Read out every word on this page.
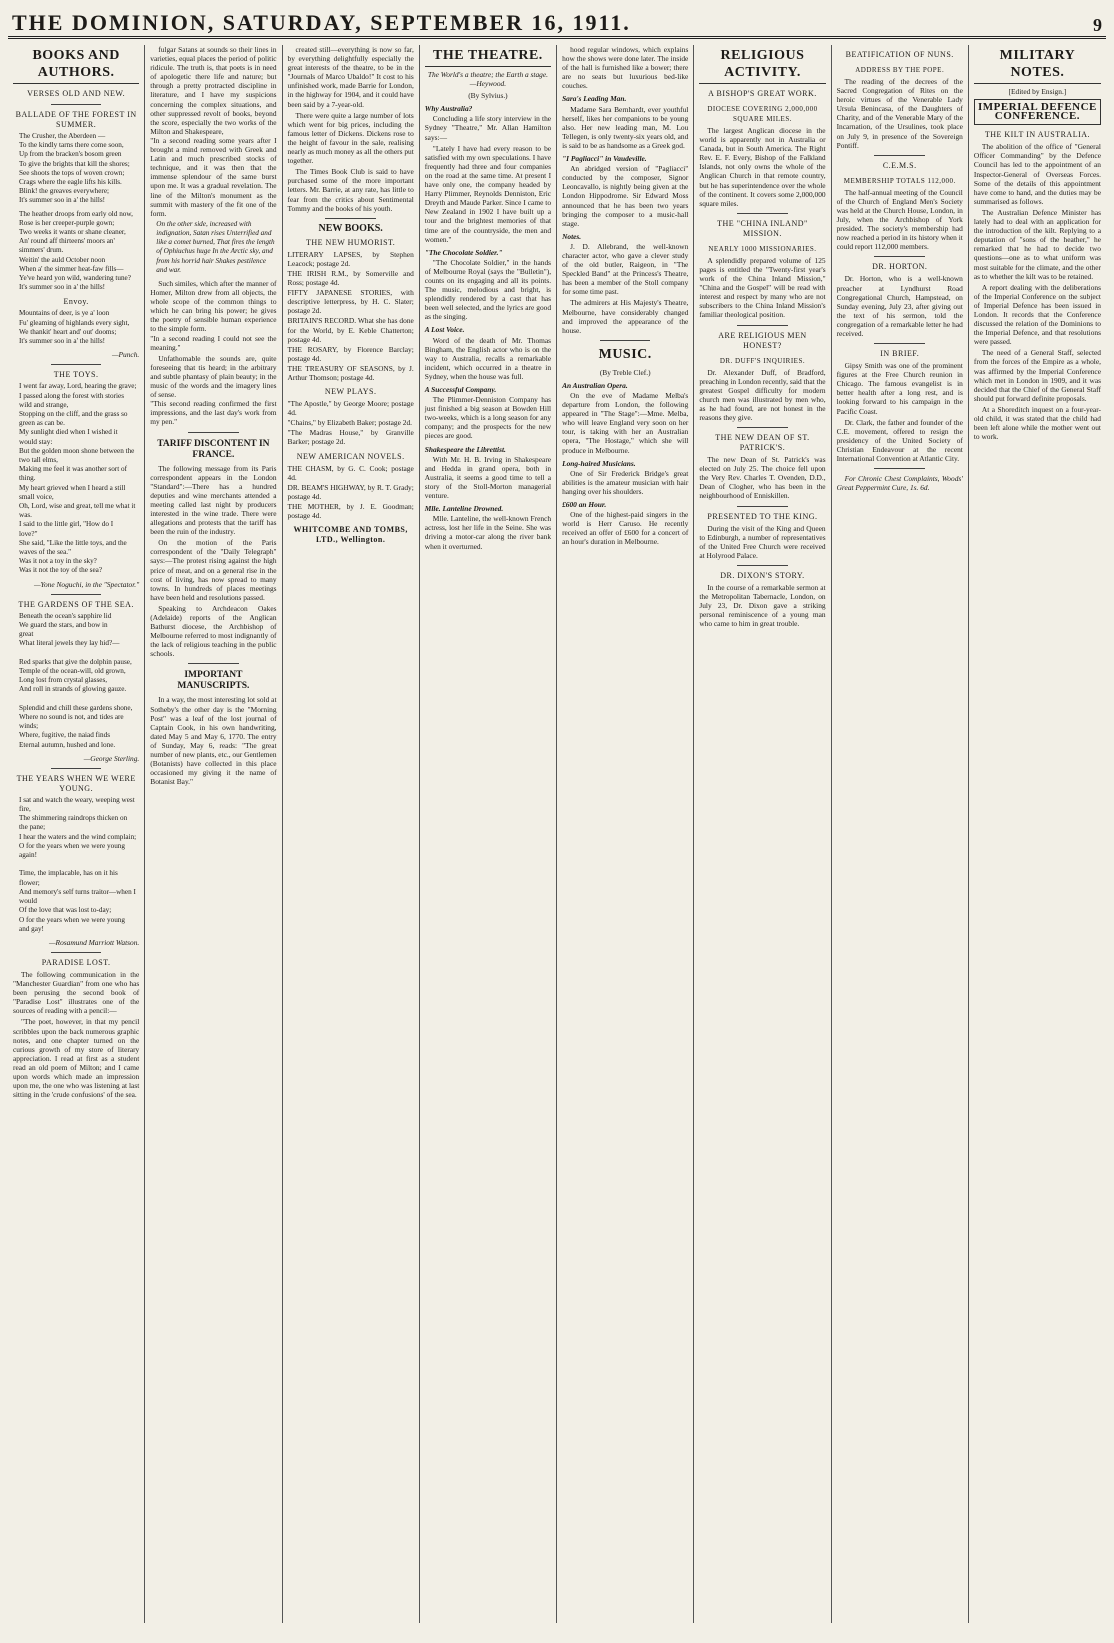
THE DOMINION, SATURDAY, SEPTEMBER 16, 1911.	9
BOOKS AND AUTHORS.
VERSES OLD AND NEW.
BALLADE OF THE FOREST IN SUMMER.
The Crusher, the Aberdeen —
To the kindly tarns there come soon,
Up from the bracken's bosom green
To give the brights that kill the shores;
See shoots the tops of woven crown;
Crags where the eagle lifts his kills.
Blink! the greaves everywhere;
It's summer soo in a' the hills!
The heather droops from early old now,
Rose is her creeper-purple gown;
Two weeks it wants or shane cleaner,
An' round aff thirteens' moors an'
simmers' drum.
Weitin' the auld October noon
When a' the simmer heat-faw fills—
Ye've heard yon wild, wandering tune?
It's summer soo in a' the hills!
Envoy.
Mountains of deer, is ye a' loon
Fu' gleaming of highlands every sight,
We thankit' heart and' out' dooms;
It's summer soo in a' the hills!
—Punch.
THE TOYS.
I went far away, Lord, hearing the grave;
I passed along the forest with stories
wild and strange,
Stopping on the cliff, and the grass so
green as can be.
My sunlight died when I wished it
would stay:
But the golden moon shone between the
two tall elms,
Making me feel it was another sort of
thing.
My heart grieved when I heard a still
small voice,
Oh, Lord, wise and great, tell me what it
was.
I said to the little girl, "How do I
love?"
She said, "Like the little toys, and the
waves of the sea."
Was it not a toy in the sky?
Was it not the toy of the sea?
—Yone Noguchi, in the "Spectator."
THE GARDENS OF THE SEA.
Beneath the ocean's sapphire lid
We guard the stars, and bow in
great
What literal jewels they lay hid?—

Red sparks that give the dolphin pause,
Temple of the ocean-will, old grown,
Long lost from crystal glasses,
And roll in strands of glowing gauze.

Splendid and chill these gardens shone,
Where no sound is not, and tides are
winds;
Where, fugitive, the naiad finds
Eternal autumn, hushed and lone.
—George Sterling.
THE YEARS WHEN WE WERE YOUNG.
I sat and watch the weary, weeping west
fire,
The shimmering raindrops thicken on
the pane;
I hear the waters and the wind complain;
O for the years when we were young
again!

Time, the implacable, has on it his
flower;
And memory's self turns traitor—when I
would
Of the love that was lost to-day;
O for the years when we were young
and gay!
—Rosamund Marriott Watson.
PARADISE LOST.

The following communication in the "Manchester Guardian" from one who has been perusing the second book of "Paradise Lost" illustrates one of the sources of reading with a pencil:—

"The poet, however, in that my pencil scribbles upon the back numerous graphic notes, and one chapter turned on the curious growth of my store of literary appreciation. I read at first as a student read an old poem of Milton; and I came upon words which made an impression upon me, the one who was listening at last sitting in the 'crude confusions' of the sea.

fulgar Satans at sounds so their lines in varieties, equal places the period of politic ridicule. The truth is, that poets is in need of apologetic there life and nature; but through a pretty protracted discipline in literature, and I have my suspicions concerning the complex situations, and other suppressed revolt of books, beyond the score, especially the two works of the Milton and Shakespeare,
"In a second reading some years after I brought a mind removed with Greek and Latin and much prescribed stocks of technique, and it was then that the immense splendour of the same burst upon me. It was a gradual revelation. The line of the Milton's monument as the summit with mastery of the fit one of the form.

On the other side, increased with indignation, Satan rises Unterrified and like a comet burned, That fires the length of Ophiuchus huge In the Arctic sky, and from his horrid hair Shakes pestilence and war.

Such similes, which after the manner of Homer, Milton drew from all objects, the whole scope of the common things to which he can bring his power; he gives the poetry of sensible human experience to the simple form.
"In a second reading I could not see the meaning."

Unfathomable the sounds are, quite foreseeing that tis heard; in the arbitrary and subtle phantasy of plain beauty; in the music of the words and the imagery lines of sense.
"This second reading confirmed the first impressions, and the last day's work from my pen."

TARIFF DISCONTENT IN FRANCE.

The following message from its Paris correspondent appears in the London "Standard":—There has a hundred deputies and wine merchants attended a meeting called last night by producers interested in the wine trade. There were allegations and protests that the tariff has been the ruin of the industry.

On the motion of the Paris correspondent of the "Daily Telegraph" says:—The protest rising against the high price of meat, and on a general rise in the cost of living, has now spread to many towns. In hundreds of places meetings have been held and resolutions passed.

Speaking to Archdeacon Oakes (Adelaide) reports of the Anglican Bathurst diocese, the Archbishop of Melbourne referred to most indignantly of the lack of religious teaching in the public schools.

IMPORTANT MANUSCRIPTS.

In a way, the most interesting lot sold at Sotheby's the other day is the "Morning Post" was a leaf of the lost journal of Captain Cook, in his own handwriting, dated May 5 and May 6, 1770. The entry of Sunday, May 6, reads: "The great number of new plants, etc., our Gentlemen (Botanists) have collected in this place occasioned my giving it the name of Botanist Bay."

created still—everything is now so far, by everything delightfully especially the great interests of the theatre, to be in the "Journals of Marco Ubaldo!" It cost to his unfinished work, made Barrie for London, in the highway for 1904, and it could have been said by a 7-year-old.

There were quite a large number of lots which went for big prices, including the famous letter of Dickens. Dickens rose to the height of favour in the sale, realising nearly as much money as all the others put together.

The Times Book Club is said to have purchased some of the more important letters. Mr. Barrie, at any rate, has little to fear from the critics about Sentimental Tommy and the books of his youth.

NEW BOOKS.
THE NEW HUMORIST.

LITERARY LAPSES, by Stephen Leacock; postage 2d.

THE IRISH R.M., by Somerville and Ross; postage 4d.

FIFTY JAPANESE STORIES, with descriptive letterpress, by H. C. Slater; postage 2d.

BRITAIN'S RECORD. What she has done for the World, by E. Keble Chatterton; postage 4d.

THE ROSARY, by Florence Barclay; postage 4d.

THE TREASURY OF SEASONS, by J. Arthur Thomson; postage 4d.

NEW PLAYS.

"The Apostle," by George Moore; postage 4d.

"Chains," by Elizabeth Baker; postage 2d.

"The Madras House," by Granville Barker; postage 2d.

NEW AMERICAN NOVELS.

THE CHASM, by G. C. Cook; postage 4d.

DR. BEAM'S HIGHWAY, by R. T. Grady; postage 4d.

THE MOTHER, by J. E. Goodman; postage 4d.

WHITCOMBE AND TOMBS, LTD., Wellington.
THE THEATRE.
The World's a theatre; the Earth a stage.—Heywood.
(By Sylvius.)
Why Australia?

Concluding a life story interview in the Sydney "Theatre," Mr. Allan Hamilton says:—

"Lately I have had every reason to be satisfied with my own speculations. I have frequently had three and four companies on the road at the same time. At present I have only one, the company headed by Harry Plimmer, Reynolds Denniston, Eric Dreyth and Maude Parker. Since I came to New Zealand in 1902 I have built up a tour and the brightest memories of that time are of the countryside, the men and women."

"The Chocolate Soldier."

"The Chocolate Soldier," in the hands of Melbourne Royal (says the "Bulletin"), counts on its engaging and all its points. The music, melodious and bright, is splendidly rendered by a cast that has been well selected, and the lyrics are good as the singing.

A Lost Voice.

Word of the death of Mr. Thomas Bingham, the English actor who is on the way to Australia, recalls a remarkable incident, which occurred in a theatre in Sydney, when the house was full.

A Successful Company.

The Plimmer-Denniston Company has just finished a big season at Bowden Hill two-weeks, which is a long season for any company; and the prospects for the new pieces are good.

Shakespeare the Librettist.

With Mr. H. B. Irving in Shakespeare and Hedda in grand opera, both in Australia, it seems a good time to tell a story of the Stoll-Morton managerial venture.

Mlle. Lanteline Drowned.

Mlle. Lanteline, the well-known French actress, lost her life in the Seine. She was driving a motor-car along the river bank when it overturned.

hood regular windows, which explains how the shows were done later. The inside of the hall is furnished like a bower; there are no seats but luxurious bed-like couches.

Sara's Leading Man.

Madame Sara Bernhardt, ever youthful herself, likes her companions to be young also. Her new leading man, M. Lou Tellegen, is only twenty-six years old, and is said to be as handsome as a Greek god.

"I Pagliacci" in Vaudeville.

An abridged version of "Pagliacci" conducted by the composer, Signor Leoncavallo, is nightly being given at the London Hippodrome. Sir Edward Moss announced that he has been two years bringing the composer to a music-hall stage.

Notes.

J. D. Allebrand, the well-known character actor, who gave a clever study of the old butler, Raigeon, in "The Speckled Band" at the Princess's Theatre, has been a member of the Stoll company for some time past.

The admirers at His Majesty's Theatre, Melbourne, have considerably changed and improved the appearance of the house.

MUSIC.
(By Treble Clef.)
An Australian Opera.

On the eve of Madame Melba's departure from London, the following appeared in "The Stage":—Mme. Melba, who will leave England very soon on her tour, is taking with her an Australian opera, "The Hostage," which she will produce in Melbourne.

Long-haired Musicians.

One of Sir Frederick Bridge's great abilities is the amateur musician with hair hanging over his shoulders.

£600 an Hour.

One of the highest-paid singers in the world is Herr Caruso. He recently received an offer of £600 for a concert of an hour's duration in Melbourne.

RELIGIOUS ACTIVITY.
A BISHOP'S GREAT WORK.
DIOCESE COVERING 2,000,000 SQUARE MILES.

The largest Anglican diocese in the world is apparently not in Australia or Canada, but in South America. The Right Rev. E. F. Every, Bishop of the Falkland Islands, not only owns the whole of the Anglican Church in that remote country, but he has superintendence over the whole of the continent. It covers some 2,000,000 square miles.

THE "CHINA INLAND" MISSION.
NEARLY 1000 MISSIONARIES.

A splendidly prepared volume of 125 pages is entitled the "Twenty-first year's work of the China Inland Mission," "China and the Gospel" will be read with interest and respect by many who are not subscribers to the China Inland Mission's familiar theological position.

ARE RELIGIOUS MEN HONEST?
DR. DUFF'S INQUIRIES.

Dr. Alexander Duff, of Bradford, preaching in London recently, said that the greatest Gospel difficulty for modern church men was illustrated by men who, as he had found, are not honest in the reasons they give.

THE NEW DEAN OF ST. PATRICK'S.

The new Dean of St. Patrick's was elected on July 25. The choice fell upon the Very Rev. Charles T. Ovenden, D.D., Dean of Clogher, who has been in the neighbourhood of Enniskillen.

PRESENTED TO THE KING.

During the visit of the King and Queen to Edinburgh, a number of representatives of the United Free Church were received at Holyrood Palace.

DR. DIXON'S STORY.

In the course of a remarkable sermon at the Metropolitan Tabernacle, London, on July 23, Dr. Dixon gave a striking personal reminiscence of a young man who came to him in great trouble.

BEATIFICATION OF NUNS.
ADDRESS BY THE POPE.

The reading of the decrees of the Sacred Congregation of Rites on the heroic virtues of the Venerable Lady Ursula Benincasa, of the Daughters of Charity, and of the Venerable Mary of the Incarnation, of the Ursulines, took place on July 9, in presence of the Sovereign Pontiff.

C.E.M.S.
MEMBERSHIP TOTALS 112,000.

The half-annual meeting of the Council of the Church of England Men's Society was held at the Church House, London, in July, when the Archbishop of York presided. The society's membership had now reached a period in its history when it could report 112,000 members.

DR. HORTON.

Dr. Horton, who is a well-known preacher at Lyndhurst Road Congregational Church, Hampstead, on Sunday evening, July 23, after giving out the text of his sermon, told the congregation of a remarkable letter he had received.

IN BRIEF.

Gipsy Smith was one of the prominent figures at the Free Church reunion in Chicago. The famous evangelist is in better health after a long rest, and is looking forward to his campaign in the Pacific Coast.

Dr. Clark, the father and founder of the C.E. movement, offered to resign the presidency of the United Society of Christian Endeavour at the recent International Convention at Atlantic City.

For Chronic Chest Complaints, Woods' Great Peppermint Cure, 1s. 6d.

MILITARY NOTES.
[Edited by Ensign.]
IMPERIAL DEFENCE CONFERENCE.
THE KILT IN AUSTRALIA.

The abolition of the office of "General Officer Commanding" by the Defence Council has led to the appointment of an Inspector-General of Overseas Forces. Some of the details of this appointment have come to hand, and the duties may be summarised as follows.

The Australian Defence Minister has lately had to deal with an application for the introduction of the kilt. Replying to a deputation of "sons of the heather," he remarked that he had to decide two questions—one as to what uniform was most suitable for the climate, and the other as to whether the kilt was to be retained.

A report dealing with the deliberations of the Imperial Conference on the subject of Imperial Defence has been issued in London. It records that the Conference discussed the relation of the Dominions to the Imperial Defence, and that resolutions were passed.

The need of a General Staff, selected from the forces of the Empire as a whole, was affirmed by the Imperial Conference which met in London in 1909, and it was decided that the Chief of the General Staff should put forward definite proposals.

At a Shoreditch inquest on a four-year-old child, it was stated that the child had been left alone while the mother went out to work.
